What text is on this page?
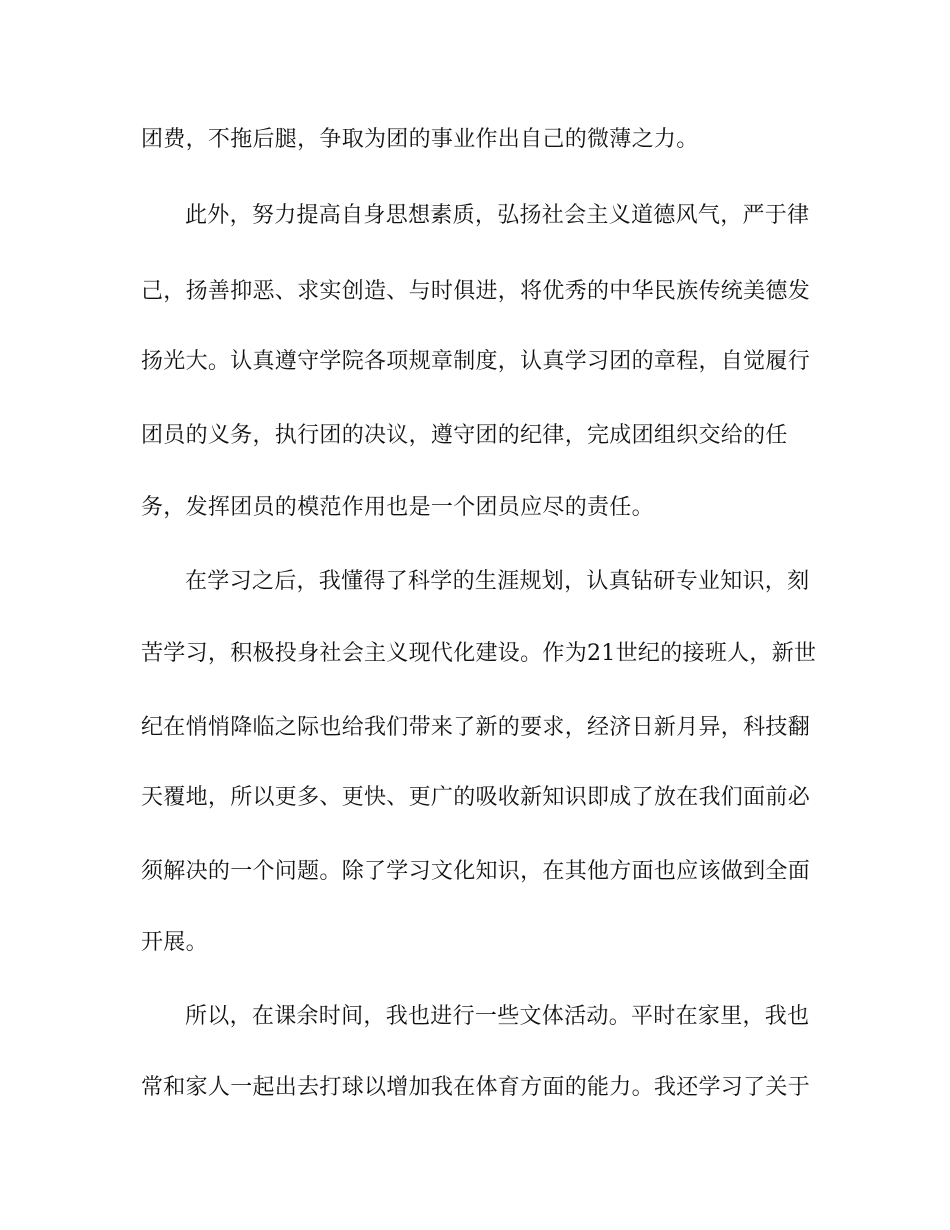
团费，不拖后腿，争取为团的事业作出自己的微薄之力。
此外，努力提高自身思想素质，弘扬社会主义道德风气，严于律
己，扬善抑恶、求实创造、与时俱进，将优秀的中华民族传统美德发
扬光大。认真遵守学院各项规章制度，认真学习团的章程，自觉履行
团员的义务，执行团的决议，遵守团的纪律，完成团组织交给的任
务，发挥团员的模范作用也是一个团员应尽的责任。
在学习之后，我懂得了科学的生涯规划，认真钻研专业知识，刻
苦学习，积极投身社会主义现代化建设。作为21世纪的接班人，新世
纪在悄悄降临之际也给我们带来了新的要求，经济日新月异，科技翻
天覆地，所以更多、更快、更广的吸收新知识即成了放在我们面前必
须解决的一个问题。除了学习文化知识，在其他方面也应该做到全面
开展。
所以，在课余时间，我也进行一些文体活动。平时在家里，我也
常和家人一起出去打球以增加我在体育方面的能力。我还学习了关于
